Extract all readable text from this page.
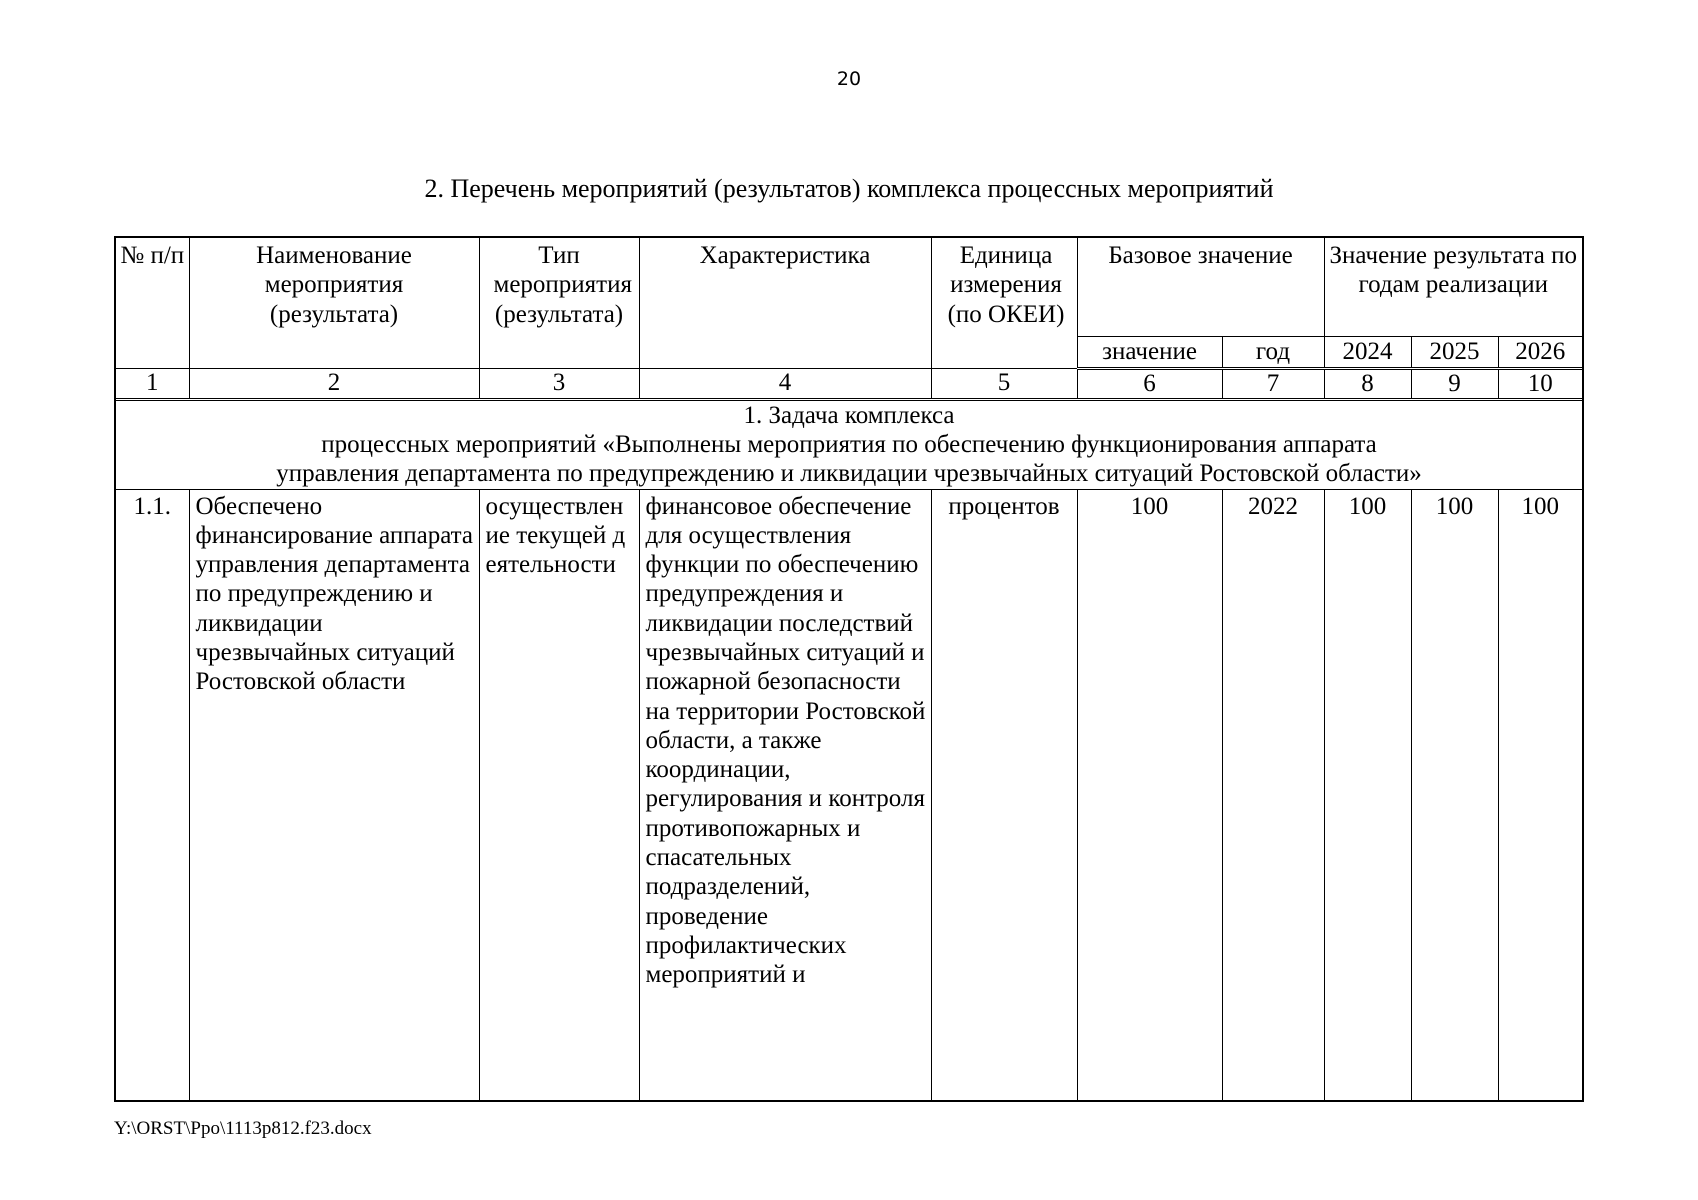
20
2. Перечень мероприятий (результатов) комплекса процессных мероприятий
№ п/п	Наименование мероприятия (результата)	Тип мероприятия (результата)	Характеристика	Единица измерения (по ОКЕИ)	Базовое значение		Значение результата по годам реализации		
					значение	год	2024	2025	2026
1	2	3	4	5	6	7	8	9	10

1. Задача комплекса
процессных мероприятий «Выполнены мероприятия по обеспечению функционирования аппарата
управления департамента по предупреждению и ликвидации чрезвычайных ситуаций Ростовской области»									

1.1.	Обеспечено финансирование аппарата управления департамента по предупреждению и ликвидации чрезвычайных ситуаций Ростовской области	осуществление текущей деятельности	финансовое обеспечение для осуществления функции по обеспечению предупреждения и ликвидации последствий чрезвычайных ситуаций и пожарной безопасности на территории Ростовской области, а также координации, регулирования и контроля противопожарных и спасательных подразделений, проведение профилактических мероприятий и	процентов	100	2022	100	100	100
Y:\ORST\Ppo\1113p812.f23.docx
